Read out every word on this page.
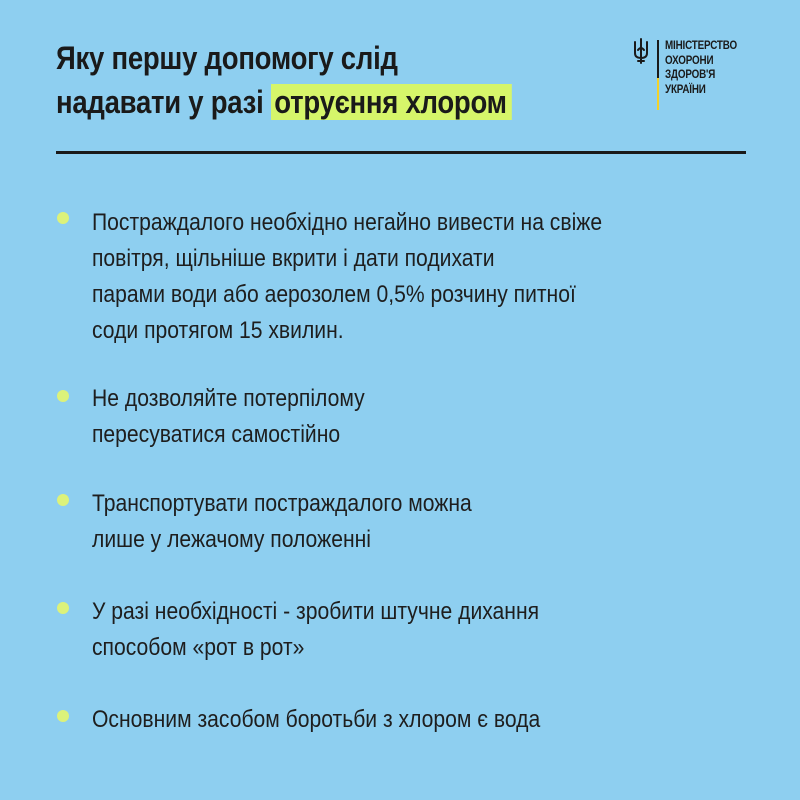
Яку першу допомогу слід
надавати у разі отруєння хлором
МІНІСТЕРСТВО
ОХОРОНИ
ЗДОРОВ'Я
УКРАЇНИ
Постраждалого необхідно негайно вивести на свіже
повітря, щільніше вкрити і дати подихати
парами води або аерозолем 0,5% розчину питної
соди протягом 15 хвилин.
Не дозволяйте потерпілому
пересуватися самостійно
Транспортувати постраждалого можна
лише у лежачому положенні
У разі необхідності - зробити штучне дихання
способом «рот в рот»
Основним засобом боротьби з хлором є вода
